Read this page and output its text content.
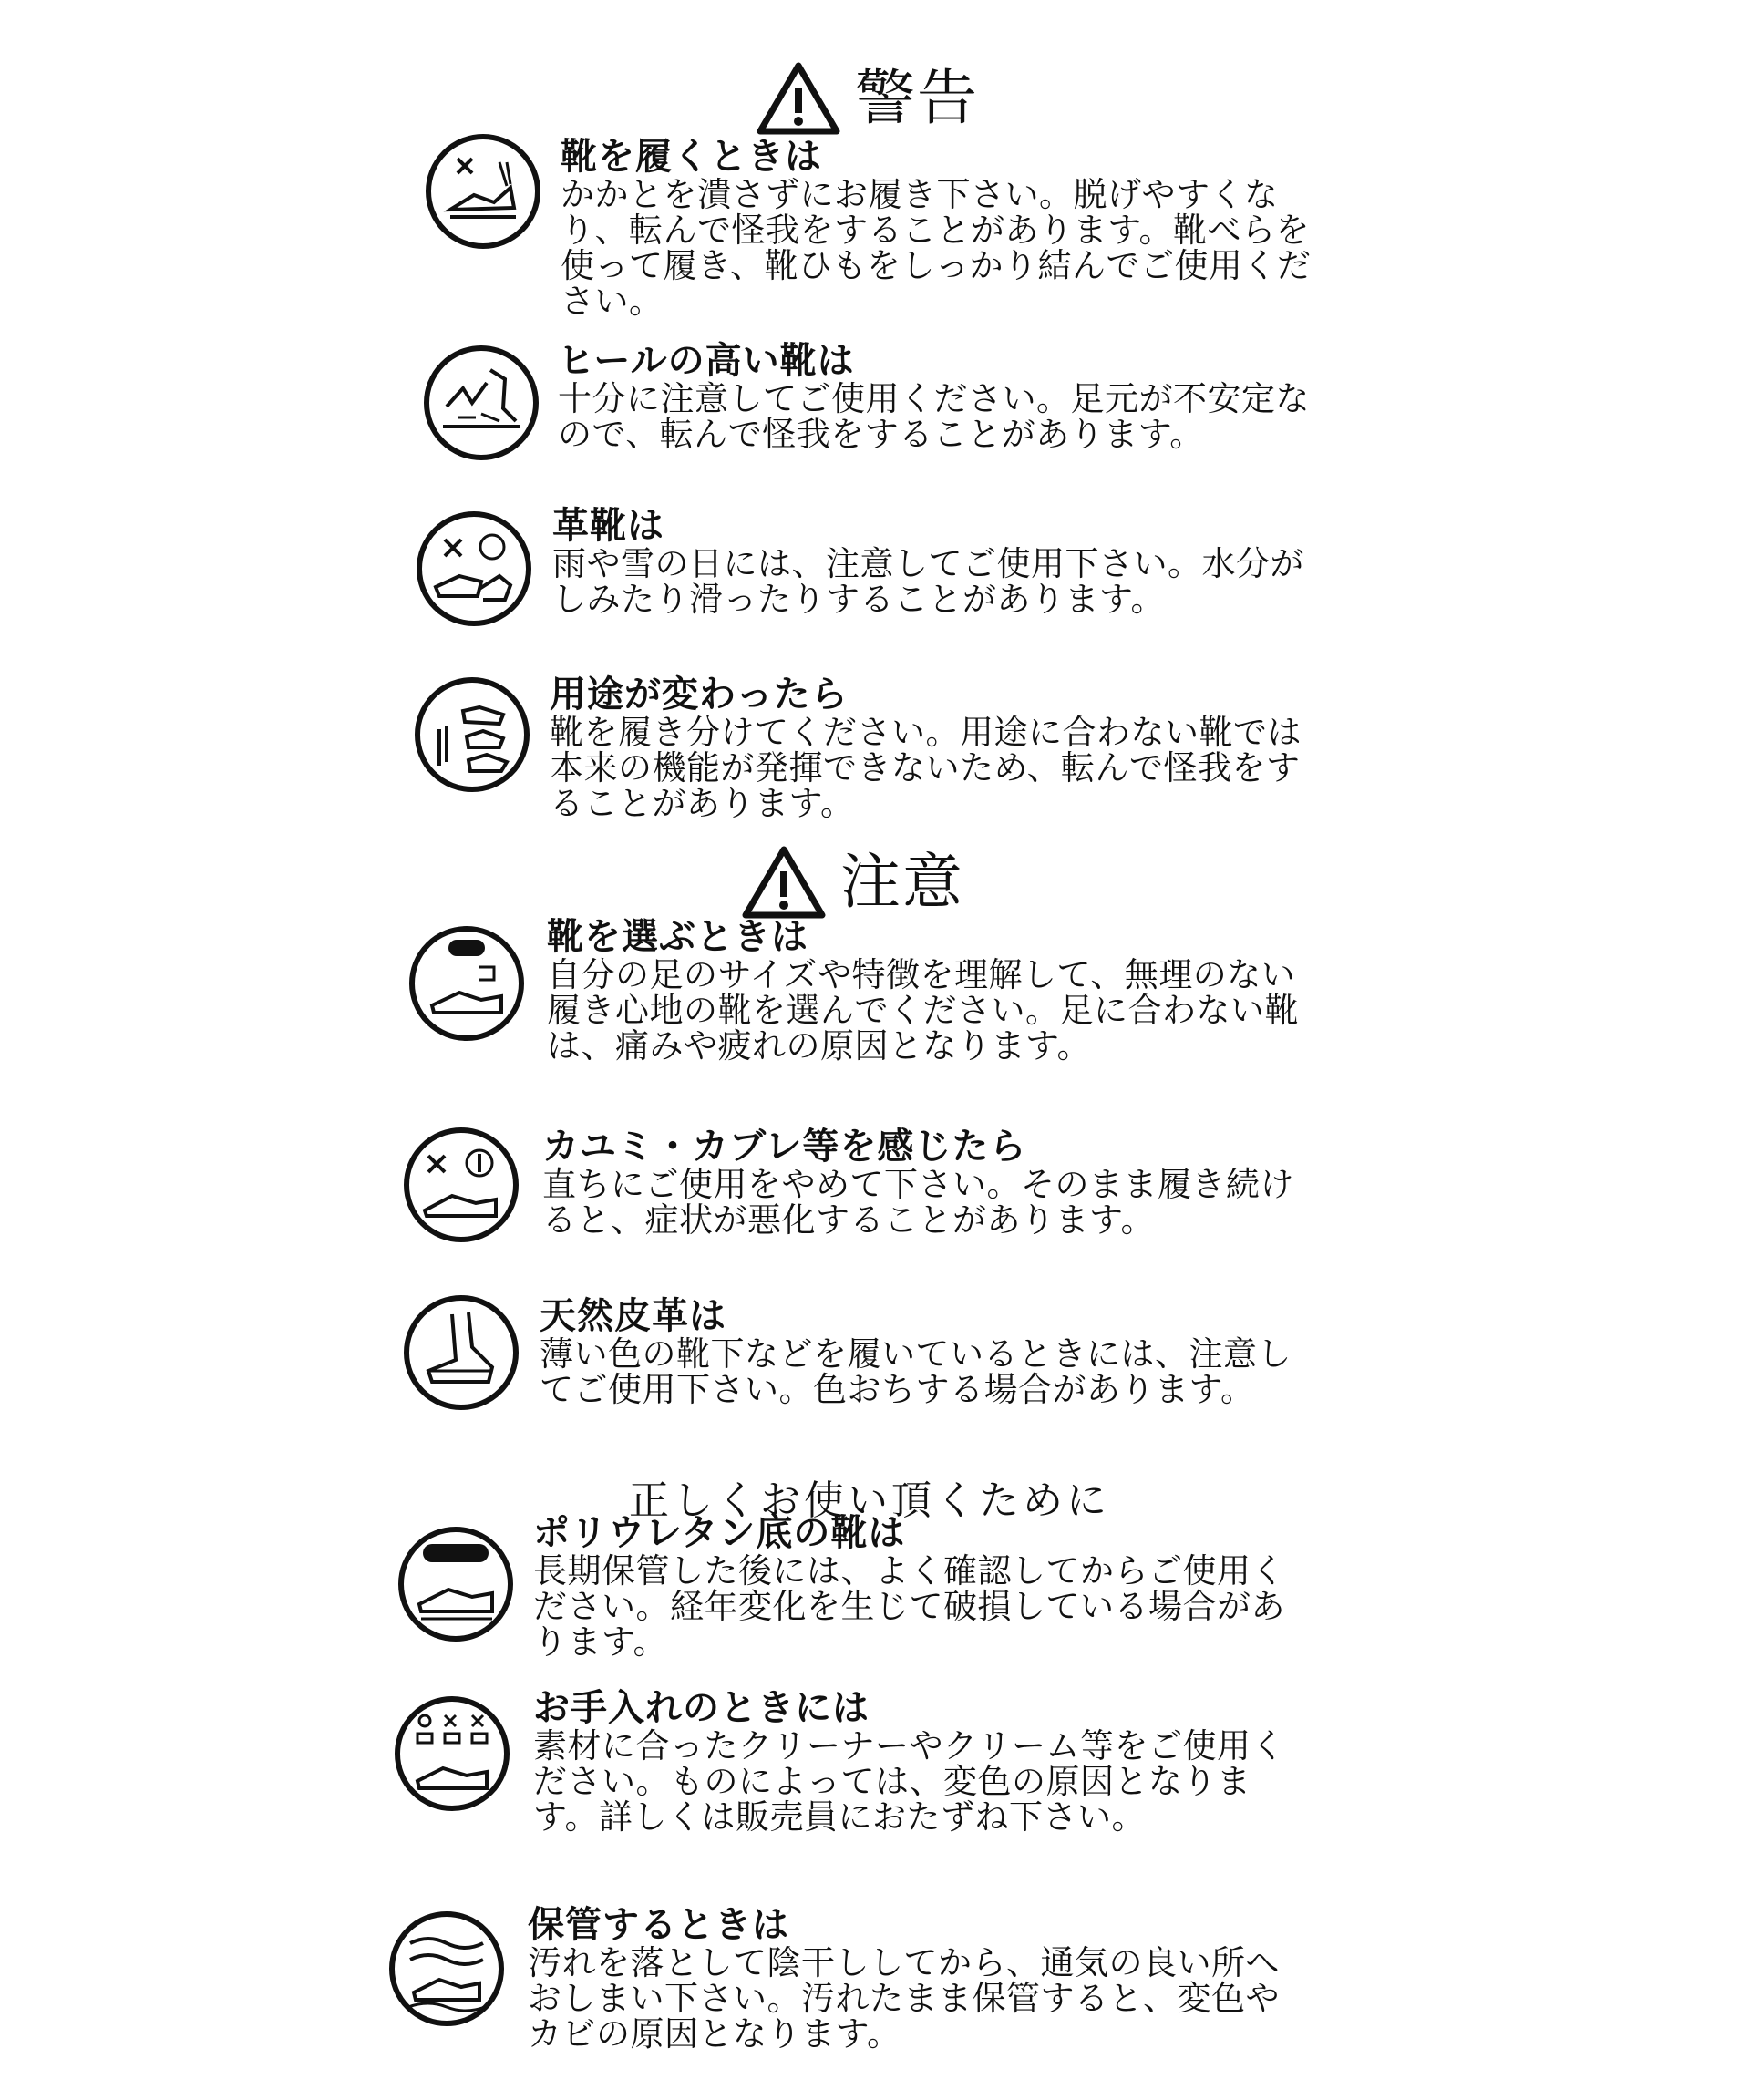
警告
靴を履くときは
かかとを潰さずにお履き下さい。脱げやすくなり、転んで怪我をすることがあります。靴べらを使って履き、靴ひもをしっかり結んでご使用ください。
ヒールの高い靴は
十分に注意してご使用ください。足元が不安定なので、転んで怪我をすることがあります。
革靴は
雨や雪の日には、注意してご使用下さい。水分がしみたり滑ったりすることがあります。
用途が変わったら
靴を履き分けてください。用途に合わない靴では本来の機能が発揮できないため、転んで怪我をすることがあります。
注意
靴を選ぶときは
自分の足のサイズや特徴を理解して、無理のない履き心地の靴を選んでください。足に合わない靴は、痛みや疲れの原因となります。
カユミ・カブレ等を感じたら
直ちにご使用をやめて下さい。そのまま履き続けると、症状が悪化することがあります。
天然皮革は
薄い色の靴下などを履いているときには、注意してご使用下さい。色おちする場合があります。
正しくお使い頂くために
ポリウレタン底の靴は
長期保管した後には、よく確認してからご使用ください。経年変化を生じて破損している場合があります。
お手入れのときには
素材に合ったクリーナーやクリーム等をご使用ください。ものによっては、変色の原因となります。詳しくは販売員におたずね下さい。
保管するときは
汚れを落として陰干ししてから、通気の良い所へおしまい下さい。汚れたまま保管すると、変色やカビの原因となります。
